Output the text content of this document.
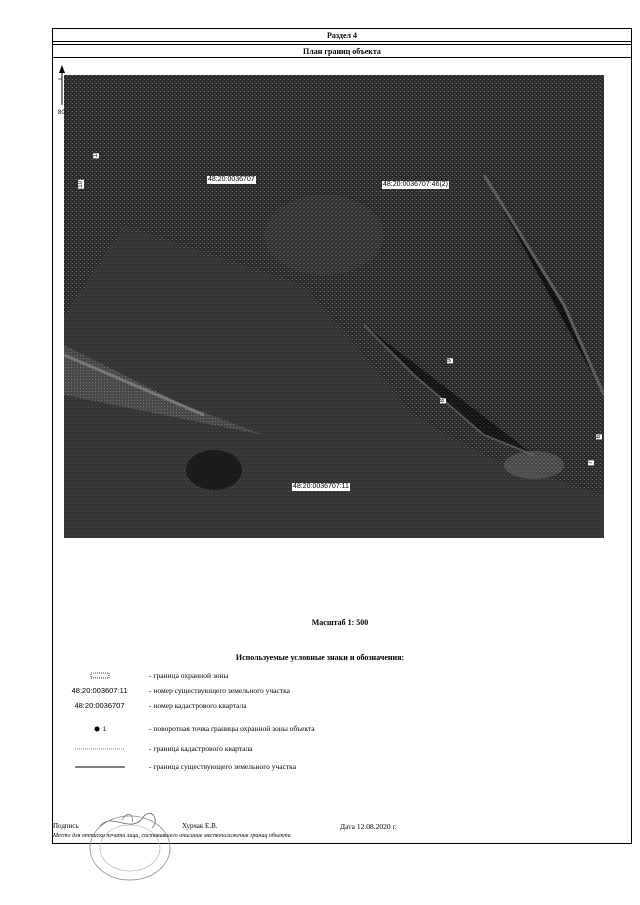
Раздел 4
План границ объекта
80
48:20:0036707
48:20:0036707:46(2)
48:20:0036707:11
1
10
9
8
6
7
Масштаб 1: 500
Используемые условные знаки и обозначения:
- граница охранной зоны
48:20:003607:11	- номер существующего земельного участка
48:20:0036707	- номер кадастрового квартала
1	- поворотная точка границы охранной зоны объекта
- граница кадастрового квартала
- граница существующего земельного участка
Подпись	Хурчак Е.В.	Дата 12.08.2020 г.
Место для оттиска печати лица, составившего описание местоположения границ объекта
